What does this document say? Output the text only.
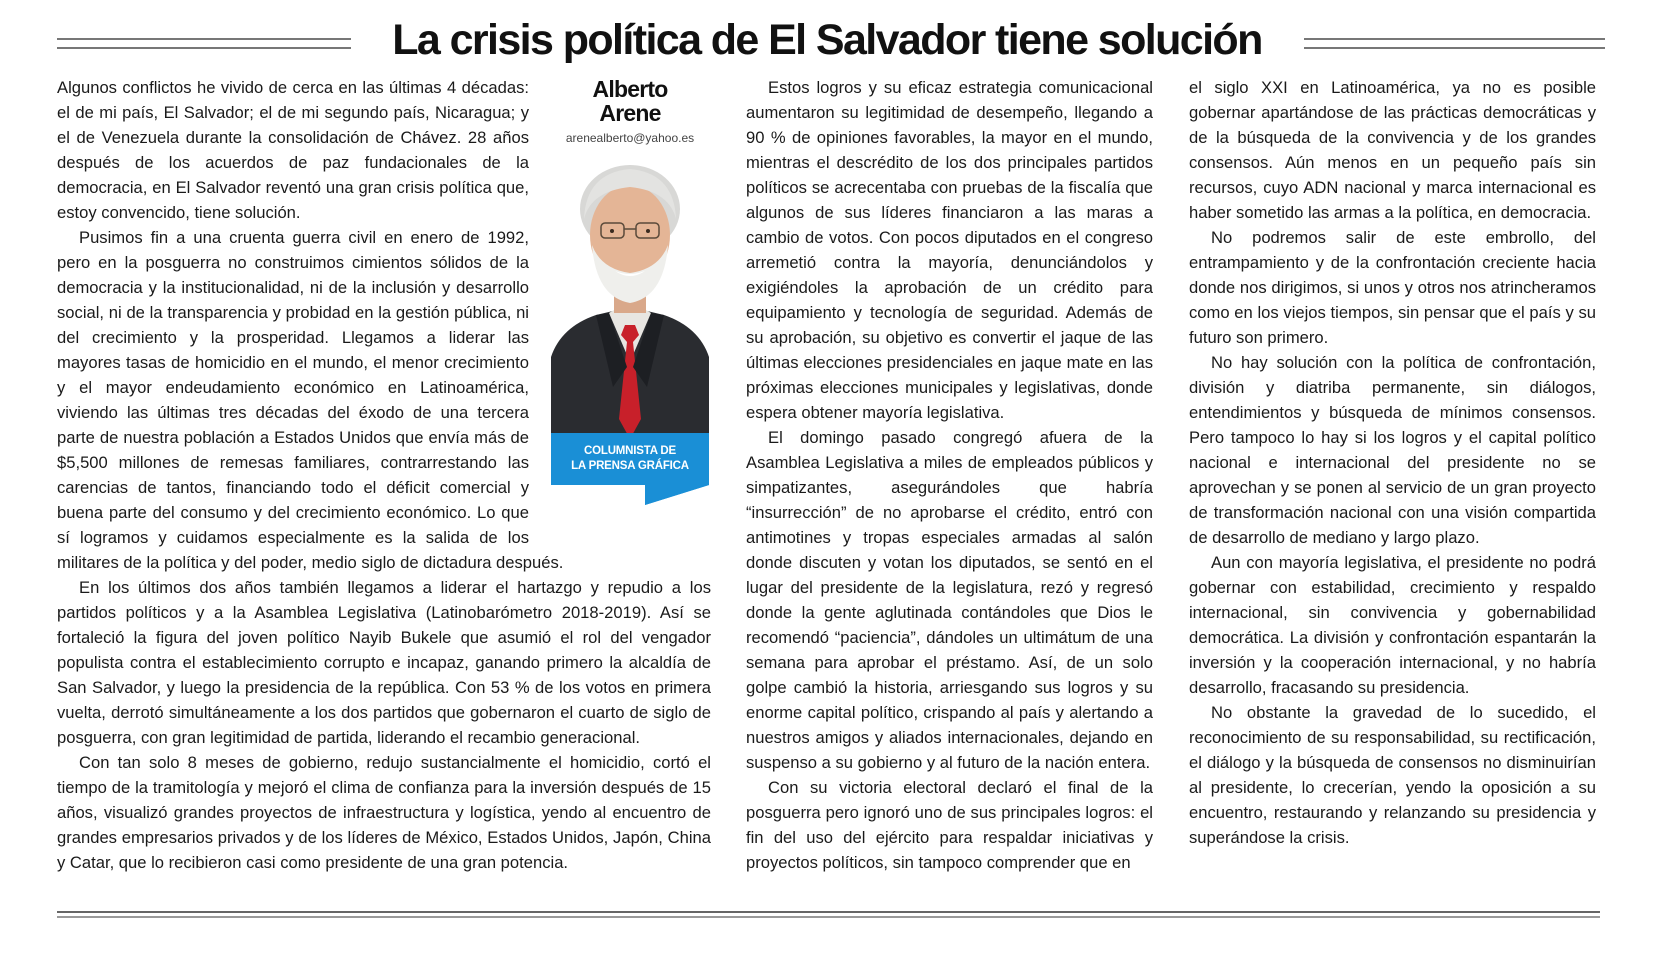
La crisis política de El Salvador tiene solución

Algunos conflictos he vivido de cerca en las últimas 4 décadas: el de mi país, El Salvador; el de mi segundo país, Nicaragua; y el de Venezuela durante la consolidación de Chávez. 28 años después de los acuerdos de paz fundacionales de la democracia, en El Salvador reventó una gran crisis política que, estoy convencido, tiene solución.

Pusimos fin a una cruenta guerra civil en enero de 1992, pero en la posguerra no construimos cimientos sólidos de la democracia y la institucionalidad, ni de la inclusión y desarrollo social, ni de la transparencia y probidad en la gestión pública, ni del crecimiento y la prosperidad. Llegamos a liderar las mayores tasas de homicidio en el mundo, el menor crecimiento y el mayor endeudamiento económico en Latinoamérica, viviendo las últimas tres décadas del éxodo de una tercera parte de nuestra población a Estados Unidos que envía más de $5,500 millones de remesas familiares, contrarrestando las carencias de tantos, financiando todo el déficit comercial y buena parte del consumo y del crecimiento económico. Lo que sí logramos y cuidamos especialmente es la salida de los militares de la política y del poder, medio siglo de dictadura después.

En los últimos dos años también llegamos a liderar el hartazgo y repudio a los partidos políticos y a la Asamblea Legislativa (Latinobarómetro 2018-2019). Así se fortaleció la figura del joven político Nayib Bukele que asumió el rol del vengador populista contra el establecimiento corrupto e incapaz, ganando primero la alcaldía de San Salvador, y luego la presidencia de la república. Con 53 % de los votos en primera vuelta, derrotó simultáneamente a los dos partidos que gobernaron el cuarto de siglo de posguerra, con gran legitimidad de partida, liderando el recambio generacional.

Con tan solo 8 meses de gobierno, redujo sustancialmente el homicidio, cortó el tiempo de la tramitología y mejoró el clima de confianza para la inversión después de 15 años, visualizó grandes proyectos de infraestructura y logística, yendo al encuentro de grandes empresarios privados y de los líderes de México, Estados Unidos, Japón, China y Catar, que lo recibieron casi como presidente de una gran potencia.

Alberto
Arene
arenealberto@yahoo.es
COLUMNISTA DE
LA PRENSA GRÁFICA

Estos logros y su eficaz estrategia comunicacional aumentaron su legitimidad de desempeño, llegando a 90 % de opiniones favorables, la mayor en el mundo, mientras el descrédito de los dos principales partidos políticos se acrecentaba con pruebas de la fiscalía que algunos de sus líderes financiaron a las maras a cambio de votos. Con pocos diputados en el congreso arremetió contra la mayoría, denunciándolos y exigiéndoles la aprobación de un crédito para equipamiento y tecnología de seguridad. Además de su aprobación, su objetivo es convertir el jaque de las últimas elecciones presidenciales en jaque mate en las próximas elecciones municipales y legislativas, donde espera obtener mayoría legislativa.

El domingo pasado congregó afuera de la Asamblea Legislativa a miles de empleados públicos y simpatizantes, asegurándoles que habría “insurrección” de no aprobarse el crédito, entró con antimotines y tropas especiales armadas al salón donde discuten y votan los diputados, se sentó en el lugar del presidente de la legislatura, rezó y regresó donde la gente aglutinada contándoles que Dios le recomendó “paciencia”, dándoles un ultimátum de una semana para aprobar el préstamo. Así, de un solo golpe cambió la historia, arriesgando sus logros y su enorme capital político, crispando al país y alertando a nuestros amigos y aliados internacionales, dejando en suspenso a su gobierno y al futuro de la nación entera.

Con su victoria electoral declaró el final de la posguerra pero ignoró uno de sus principales logros: el fin del uso del ejército para respaldar iniciativas y proyectos políticos, sin tampoco comprender que en

el siglo XXI en Latinoamérica, ya no es posible gobernar apartándose de las prácticas democráticas y de la búsqueda de la convivencia y de los grandes consensos. Aún menos en un pequeño país sin recursos, cuyo ADN nacional y marca internacional es haber sometido las armas a la política, en democracia.

No podremos salir de este embrollo, del entrampamiento y de la confrontación creciente hacia donde nos dirigimos, si unos y otros nos atrincheramos como en los viejos tiempos, sin pensar que el país y su futuro son primero.

No hay solución con la política de confrontación, división y diatriba permanente, sin diálogos, entendimientos y búsqueda de mínimos consensos. Pero tampoco lo hay si los logros y el capital político nacional e internacional del presidente no se aprovechan y se ponen al servicio de un gran proyecto de transformación nacional con una visión compartida de desarrollo de mediano y largo plazo.

Aun con mayoría legislativa, el presidente no podrá gobernar con estabilidad, crecimiento y respaldo internacional, sin convivencia y gobernabilidad democrática. La división y confrontación espantarán la inversión y la cooperación internacional, y no habría desarrollo, fracasando su presidencia.

No obstante la gravedad de lo sucedido, el reconocimiento de su responsabilidad, su rectificación, el diálogo y la búsqueda de consensos no disminuirían al presidente, lo crecerían, yendo la oposición a su encuentro, restaurando y relanzando su presidencia y superándose la crisis.
